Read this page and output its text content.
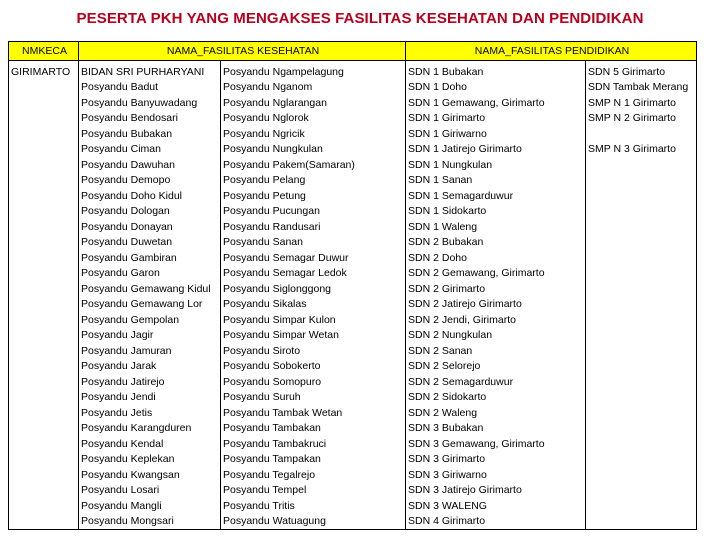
PESERTA PKH YANG MENGAKSES FASILITAS KESEHATAN DAN PENDIDIKAN
NMKECA	NAMA_FASILITAS KESEHATAN		NAMA_FASILITAS PENDIDIKAN	
GIRIMARTO	BIDAN SRI PURHARYANI	Posyandu Ngampelagung	SDN 1 Bubakan	SDN 5 Girimarto
	Posyandu Badut	Posyandu Nganom	SDN 1 Doho	SDN Tambak Merang
	Posyandu Banyuwadang	Posyandu Nglarangan	SDN 1 Gemawang, Girimarto	SMP N 1 Girimarto
	Posyandu Bendosari	Posyandu Nglorok	SDN 1 Girimarto	SMP N 2 Girimarto
	Posyandu Bubakan	Posyandu Ngricik	SDN 1 Giriwarno	
	Posyandu Ciman	Posyandu Nungkulan	SDN 1 Jatirejo Girimarto	SMP N 3 Girimarto
	Posyandu Dawuhan	Posyandu Pakem(Samaran)	SDN 1 Nungkulan	
	Posyandu Demopo	Posyandu Pelang	SDN 1 Sanan	
	Posyandu Doho Kidul	Posyandu Petung	SDN 1 Semagarduwur	
	Posyandu Dologan	Posyandu Pucungan	SDN 1 Sidokarto	
	Posyandu Donayan	Posyandu Randusari	SDN 1 Waleng	
	Posyandu Duwetan	Posyandu Sanan	SDN 2 Bubakan	
	Posyandu Gambiran	Posyandu Semagar Duwur	SDN 2 Doho	
	Posyandu Garon	Posyandu Semagar Ledok	SDN 2 Gemawang, Girimarto	
	Posyandu Gemawang Kidul	Posyandu Siglonggong	SDN 2 Girimarto	
	Posyandu Gemawang Lor	Posyandu Sikalas	SDN 2 Jatirejo Girimarto	
	Posyandu Gempolan	Posyandu Simpar Kulon	SDN 2 Jendi, Girimarto	
	Posyandu Jagir	Posyandu Simpar Wetan	SDN 2 Nungkulan	
	Posyandu Jamuran	Posyandu Siroto	SDN 2 Sanan	
	Posyandu Jarak	Posyandu Sobokerto	SDN 2 Selorejo	
	Posyandu Jatirejo	Posyandu Somopuro	SDN 2 Semagarduwur	
	Posyandu Jendi	Posyandu Suruh	SDN 2 Sidokarto	
	Posyandu Jetis	Posyandu Tambak Wetan	SDN 2 Waleng	
	Posyandu Karangduren	Posyandu Tambakan	SDN 3 Bubakan	
	Posyandu Kendal	Posyandu Tambakruci	SDN 3 Gemawang, Girimarto	
	Posyandu Keplekan	Posyandu Tampakan	SDN 3 Girimarto	
	Posyandu Kwangsan	Posyandu Tegalrejo	SDN 3 Giriwarno	
	Posyandu Losari	Posyandu Tempel	SDN 3 Jatirejo Girimarto	
	Posyandu Mangli	Posyandu Tritis	SDN 3 WALENG	
	Posyandu Mongsari	Posyandu Watuagung	SDN 4 Girimarto	
